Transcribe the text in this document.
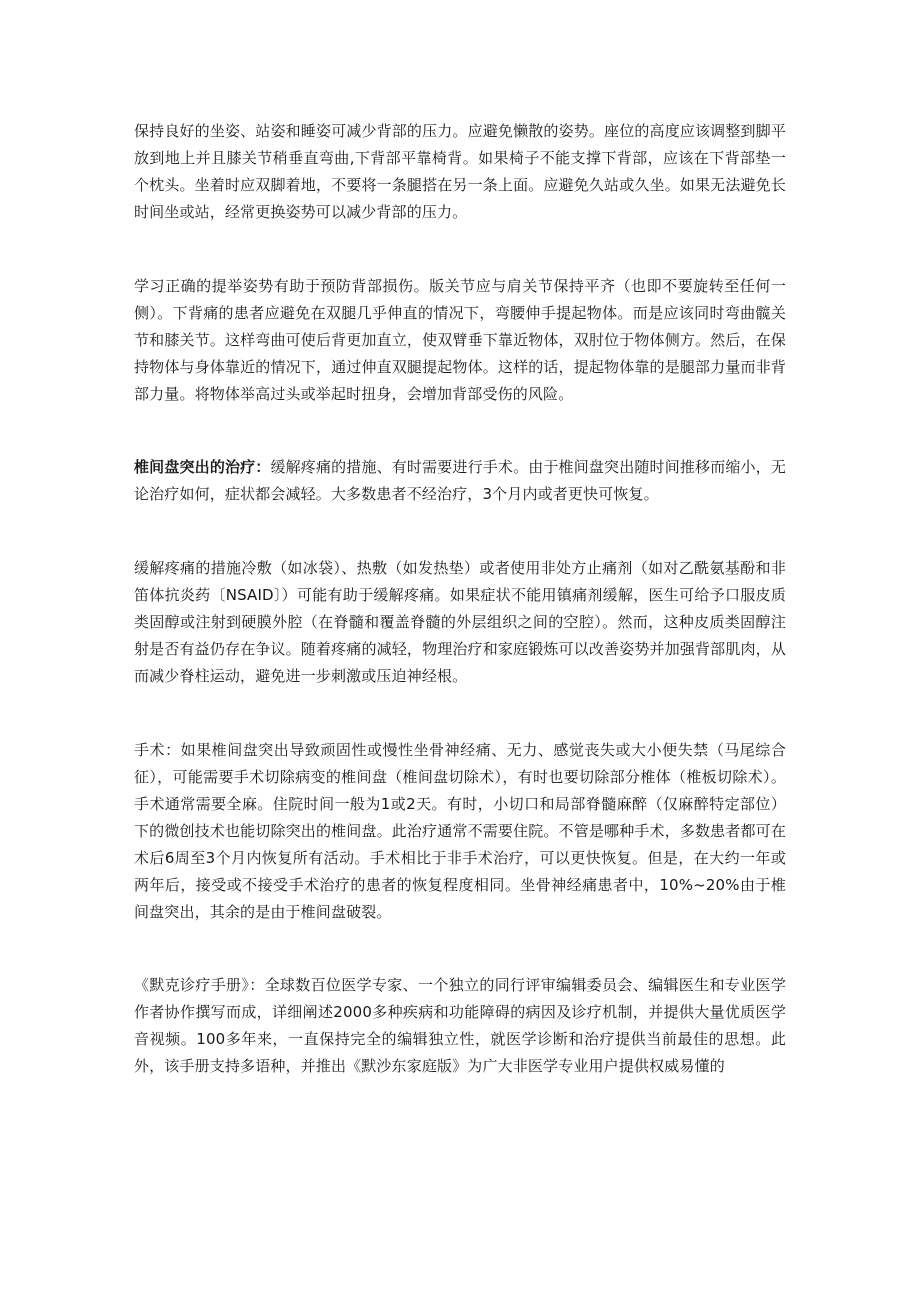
保持良好的坐姿、站姿和睡姿可减少背部的压力。应避免懒散的姿势。座位的高度应该调整到脚平放到地上并且膝关节稍垂直弯曲,下背部平靠椅背。如果椅子不能支撑下背部，应该在下背部垫一个枕头。坐着时应双脚着地，不要将一条腿搭在另一条上面。应避免久站或久坐。如果无法避免长时间坐或站，经常更换姿势可以减少背部的压力。

学习正确的提举姿势有助于预防背部损伤。版关节应与肩关节保持平齐（也即不要旋转至任何一侧）。下背痛的患者应避免在双腿几乎伸直的情况下，弯腰伸手提起物体。而是应该同时弯曲髋关节和膝关节。这样弯曲可使后背更加直立，使双臂垂下靠近物体，双肘位于物体侧方。然后，在保持物体与身体靠近的情况下，通过伸直双腿提起物体。这样的话，提起物体靠的是腿部力量而非背部力量。将物体举高过头或举起时扭身，会增加背部受伤的风险。

椎间盘突出的治疗：缓解疼痛的措施、有时需要进行手术。由于椎间盘突出随时间推移而缩小，无论治疗如何，症状都会减轻。大多数患者不经治疗，3个月内或者更快可恢复。

缓解疼痛的措施冷敷（如冰袋）、热敷（如发热垫）或者使用非处方止痛剂（如对乙酰氨基酚和非笛体抗炎药〔NSAID〕）可能有助于缓解疼痛。如果症状不能用镇痛剂缓解，医生可给予口服皮质类固醇或注射到硬膜外腔（在脊髓和覆盖脊髓的外层组织之间的空腔）。然而，这种皮质类固醇注射是否有益仍存在争议。随着疼痛的减轻，物理治疗和家庭锻炼可以改善姿势并加强背部肌肉，从而减少脊柱运动，避免进一步刺激或压迫神经根。

手术：如果椎间盘突出导致顽固性或慢性坐骨神经痛、无力、感觉丧失或大小便失禁（马尾综合征），可能需要手术切除病变的椎间盘（椎间盘切除术），有时也要切除部分椎体（椎板切除术）。手术通常需要全麻。住院时间一般为1或2天。有时，小切口和局部脊髓麻醉（仅麻醉特定部位）下的微创技术也能切除突出的椎间盘。此治疗通常不需要住院。不管是哪种手术，多数患者都可在术后6周至3个月内恢复所有活动。手术相比于非手术治疗，可以更快恢复。但是，在大约一年或两年后，接受或不接受手术治疗的患者的恢复程度相同。坐骨神经痛患者中，10%~20%由于椎间盘突出，其余的是由于椎间盘破裂。

《默克诊疗手册》：全球数百位医学专家、一个独立的同行评审编辑委员会、编辑医生和专业医学作者协作撰写而成，详细阐述2000多种疾病和功能障碍的病因及诊疗机制，并提供大量优质医学音视频。100多年来，一直保持完全的编辑独立性，就医学诊断和治疗提供当前最佳的思想。此外，该手册支持多语种，并推出《默沙东家庭版》为广大非医学专业用户提供权威易懂的
